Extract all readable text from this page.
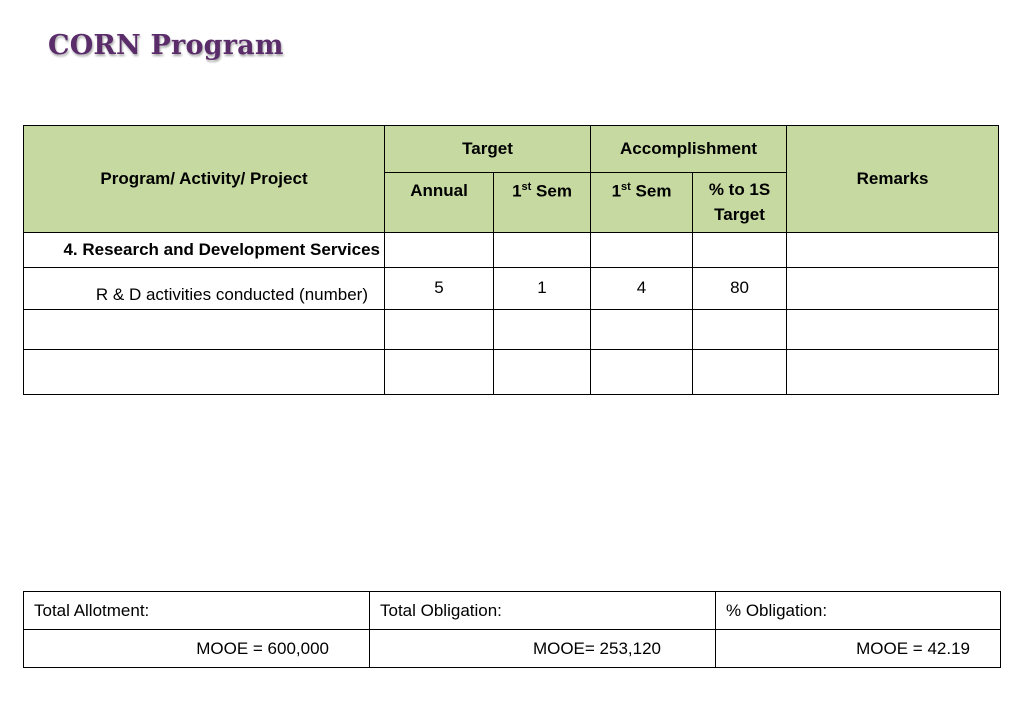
CORN Program
Program/ Activity/ Project	Target		Accomplishment		Remarks
	Annual	1st Sem	1st Sem	% to 1S
Target	
4. Research and Development Services					
R & D activities conducted (number)	5	1	4	80	

Total Allotment:	Total Obligation:	% Obligation:
MOOE = 600,000	MOOE= 253,120	MOOE = 42.19
